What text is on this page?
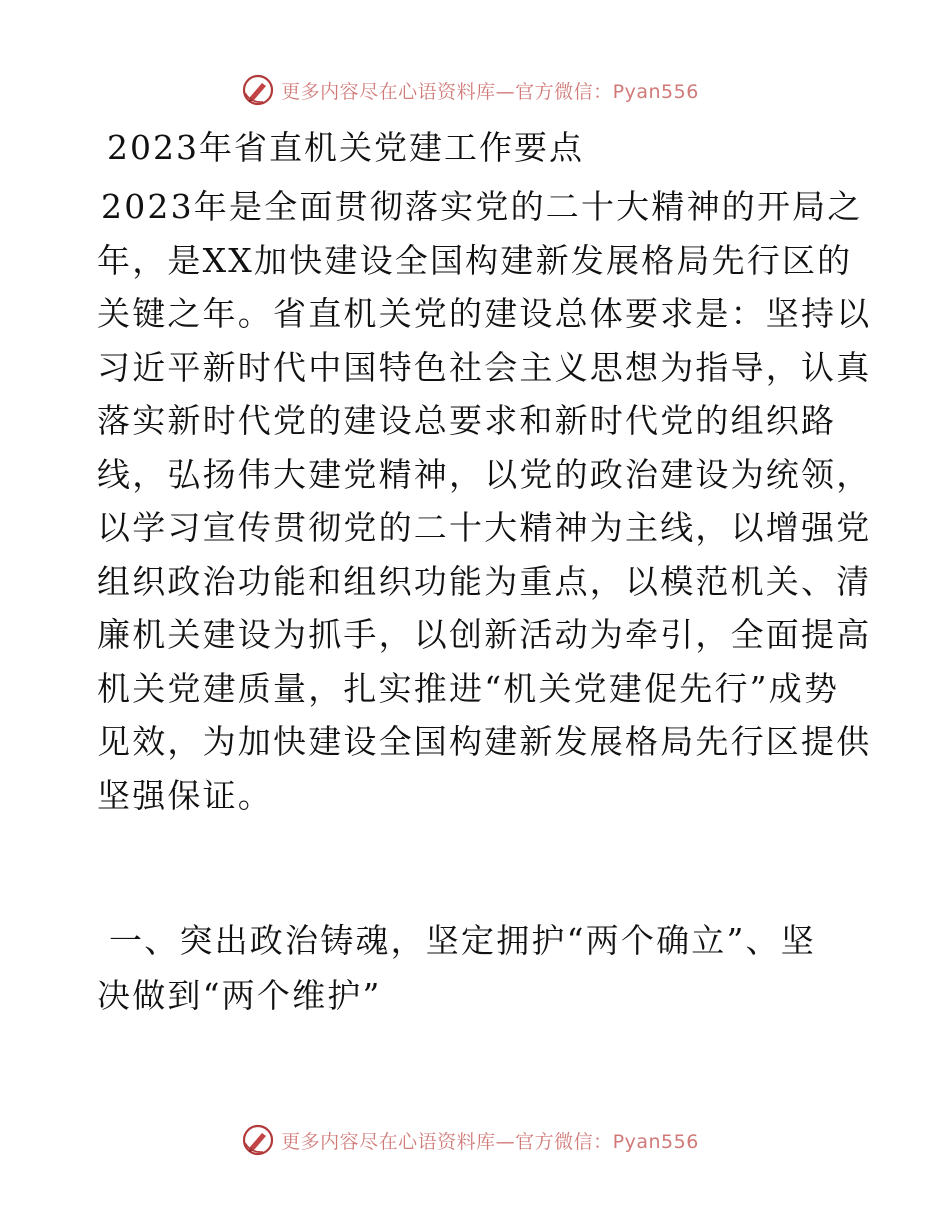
更多内容尽在心语资料库—官方微信：Pyan556
2023年省直机关党建工作要点
2023年是全面贯彻落实党的二十大精神的开局之
年，是XX加快建设全国构建新发展格局先行区的
关键之年。省直机关党的建设总体要求是：坚持以
习近平新时代中国特色社会主义思想为指导，认真
落实新时代党的建设总要求和新时代党的组织路
线，弘扬伟大建党精神，以党的政治建设为统领，
以学习宣传贯彻党的二十大精神为主线，以增强党
组织政治功能和组织功能为重点，以模范机关、清
廉机关建设为抓手，以创新活动为牵引，全面提高
机关党建质量，扎实推进“机关党建促先行”成势
见效，为加快建设全国构建新发展格局先行区提供
坚强保证。
一、突出政治铸魂，坚定拥护“两个确立”、坚
决做到“两个维护”
更多内容尽在心语资料库—官方微信：Pyan556
